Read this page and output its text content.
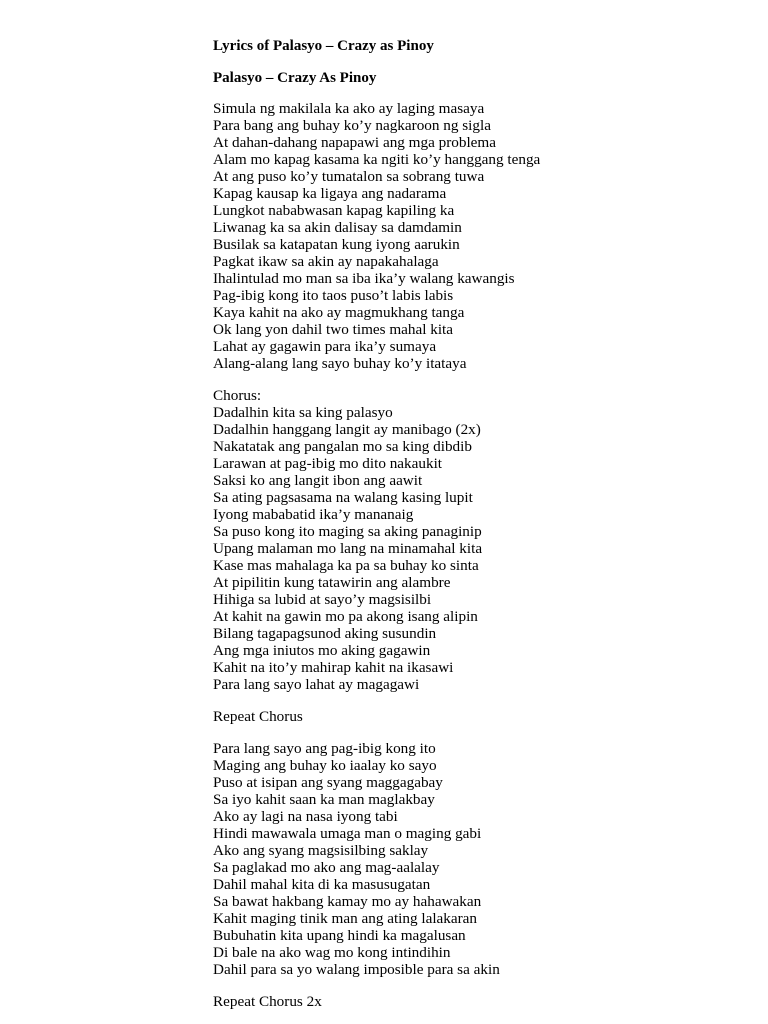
Lyrics of Palasyo – Crazy as Pinoy
Palasyo – Crazy As Pinoy
Simula ng makilala ka ako ay laging masaya
Para bang ang buhay ko’y nagkaroon ng sigla
At dahan-dahang napapawi ang mga problema
Alam mo kapag kasama ka ngiti ko’y hanggang tenga
At ang puso ko’y tumatalon sa sobrang tuwa
Kapag kausap ka ligaya ang nadarama
Lungkot nababwasan kapag kapiling ka
Liwanag ka sa akin dalisay sa damdamin
Busilak sa katapatan kung iyong aarukin
Pagkat ikaw sa akin ay napakahalaga
Ihalintulad mo man sa iba ika’y walang kawangis
Pag-ibig kong ito taos puso’t labis labis
Kaya kahit na ako ay magmukhang tanga
Ok lang yon dahil two times mahal kita
Lahat ay gagawin para ika’y sumaya
Alang-alang lang sayo buhay ko’y itataya
Chorus:
Dadalhin kita sa king palasyo
Dadalhin hanggang langit ay manibago (2x)
Nakatatak ang pangalan mo sa king dibdib
Larawan at pag-ibig mo dito nakaukit
Saksi ko ang langit ibon ang aawit
Sa ating pagsasama na walang kasing lupit
Iyong mababatid ika’y mananaig
Sa puso kong ito maging sa aking panaginip
Upang malaman mo lang na minamahal kita
Kase mas mahalaga ka pa sa buhay ko sinta
At pipilitin kung tatawirin ang alambre
Hihiga sa lubid at sayo’y magsisilbi
At kahit na gawin mo pa akong isang alipin
Bilang tagapagsunod aking susundin
Ang mga iniutos mo aking gagawin
Kahit na ito’y mahirap kahit na ikasawi
Para lang sayo lahat ay magagawi
Repeat Chorus
Para lang sayo ang pag-ibig kong ito
Maging ang buhay ko iaalay ko sayo
Puso at isipan ang syang maggagabay
Sa iyo kahit saan ka man maglakbay
Ako ay lagi na nasa iyong tabi
Hindi mawawala umaga man o maging gabi
Ako ang syang magsisilbing saklay
Sa paglakad mo ako ang mag-aalalay
Dahil mahal kita di ka masusugatan
Sa bawat hakbang kamay mo ay hahawakan
Kahit maging tinik man ang ating lalakaran
Bubuhatin kita upang hindi ka magalusan
Di bale na ako wag mo kong intindihin
Dahil para sa yo walang imposible para sa akin
Repeat Chorus 2x
